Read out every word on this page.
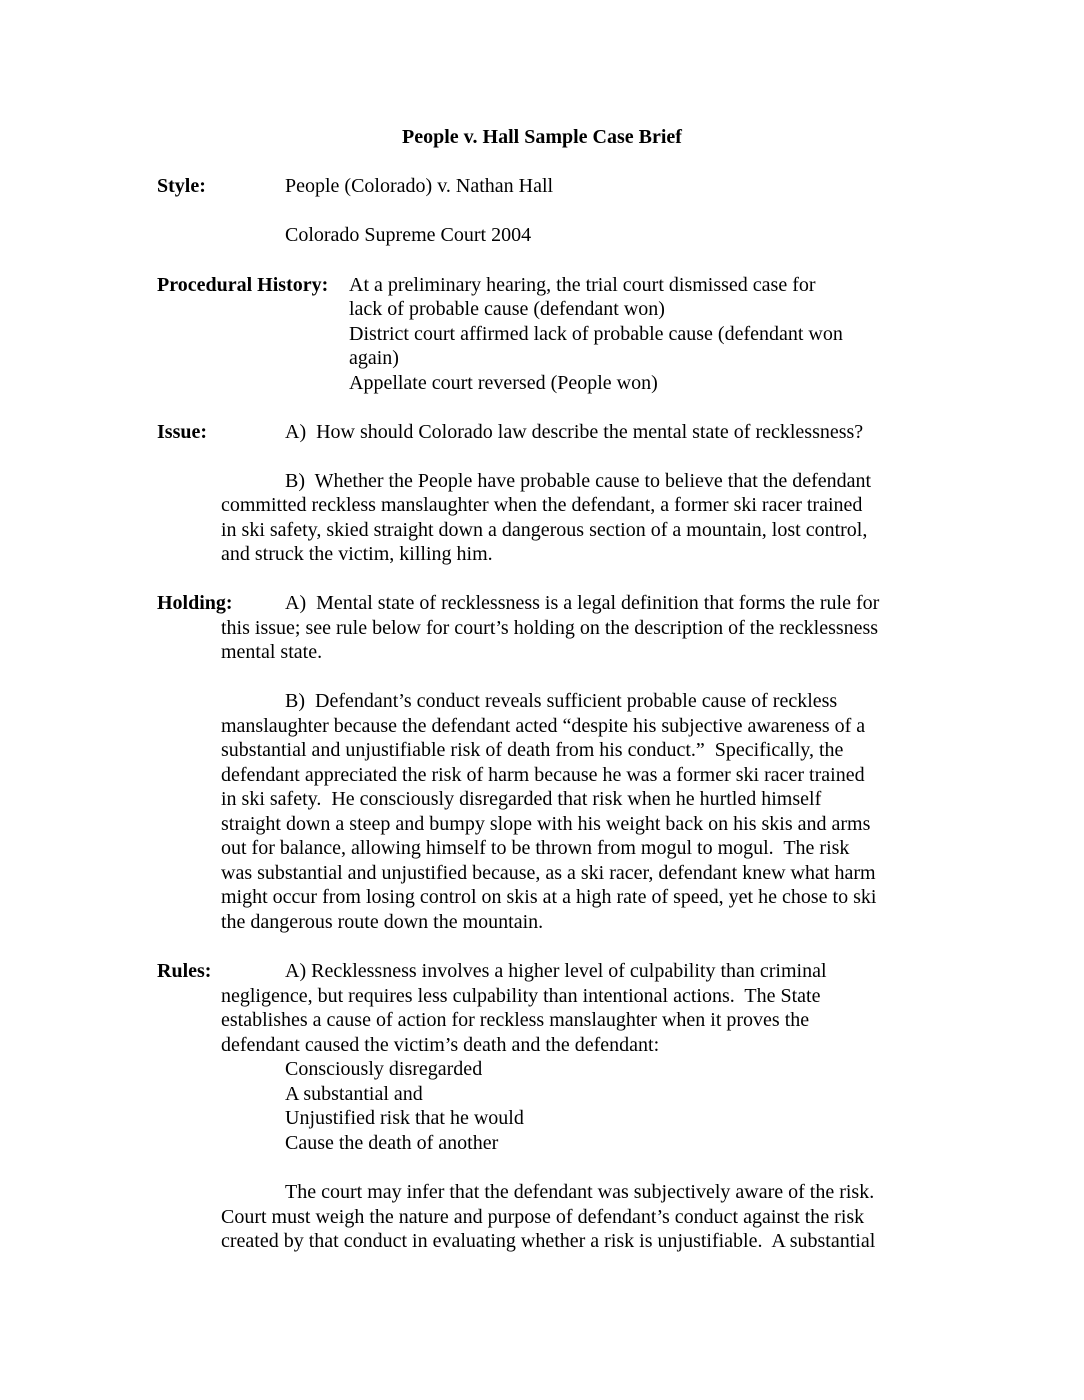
People v. Hall Sample Case Brief
Style:	People (Colorado) v. Nathan Hall
Colorado Supreme Court 2004
Procedural History: At a preliminary hearing, the trial court dismissed case for
lack of probable cause (defendant won)
District court affirmed lack of probable cause (defendant won
again)
Appellate court reversed (People won)
Issue:	A)  How should Colorado law describe the mental state of recklessness?
B)  Whether the People have probable cause to believe that the defendant
committed reckless manslaughter when the defendant, a former ski racer trained
in ski safety, skied straight down a dangerous section of a mountain, lost control,
and struck the victim, killing him.
Holding:	A)  Mental state of recklessness is a legal definition that forms the rule for
this issue; see rule below for court’s holding on the description of the recklessness
mental state.
B)  Defendant’s conduct reveals sufficient probable cause of reckless
manslaughter because the defendant acted “despite his subjective awareness of a
substantial and unjustifiable risk of death from his conduct.”  Specifically, the
defendant appreciated the risk of harm because he was a former ski racer trained
in ski safety.  He consciously disregarded that risk when he hurtled himself
straight down a steep and bumpy slope with his weight back on his skis and arms
out for balance, allowing himself to be thrown from mogul to mogul.  The risk
was substantial and unjustified because, as a ski racer, defendant knew what harm
might occur from losing control on skis at a high rate of speed, yet he chose to ski
the dangerous route down the mountain.
Rules:	A) Recklessness involves a higher level of culpability than criminal
negligence, but requires less culpability than intentional actions.  The State
establishes a cause of action for reckless manslaughter when it proves the
defendant caused the victim’s death and the defendant:
Consciously disregarded
A substantial and
Unjustified risk that he would
Cause the death of another
The court may infer that the defendant was subjectively aware of the risk.
Court must weigh the nature and purpose of defendant’s conduct against the risk
created by that conduct in evaluating whether a risk is unjustifiable.  A substantial
